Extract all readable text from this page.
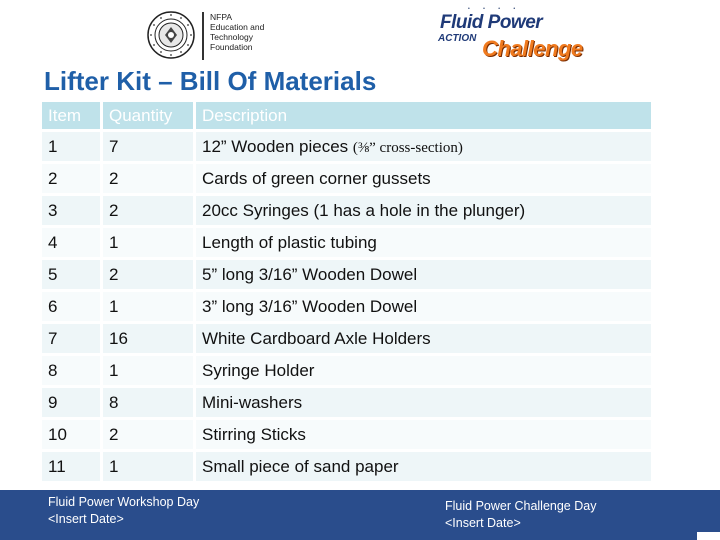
NFPA
Education and
Technology
Foundation
• • • •
Fluid Power
ACTION Challenge
Lifter Kit – Bill Of Materials
Item	Quantity	Description
1	7	12” Wooden pieces (⅜” cross-section)
2	2	Cards of green corner gussets
3	2	20cc Syringes (1 has a hole in the plunger)
4	1	Length of plastic tubing
5	2	5” long 3/16” Wooden Dowel
6	1	3” long 3/16” Wooden Dowel
7	16	White Cardboard Axle Holders
8	1	Syringe Holder
9	8	Mini-washers
10	2	Stirring Sticks
11	1	Small piece of sand paper
Fluid Power Workshop Day
<Insert Date>
Fluid Power Challenge Day
<Insert Date>
